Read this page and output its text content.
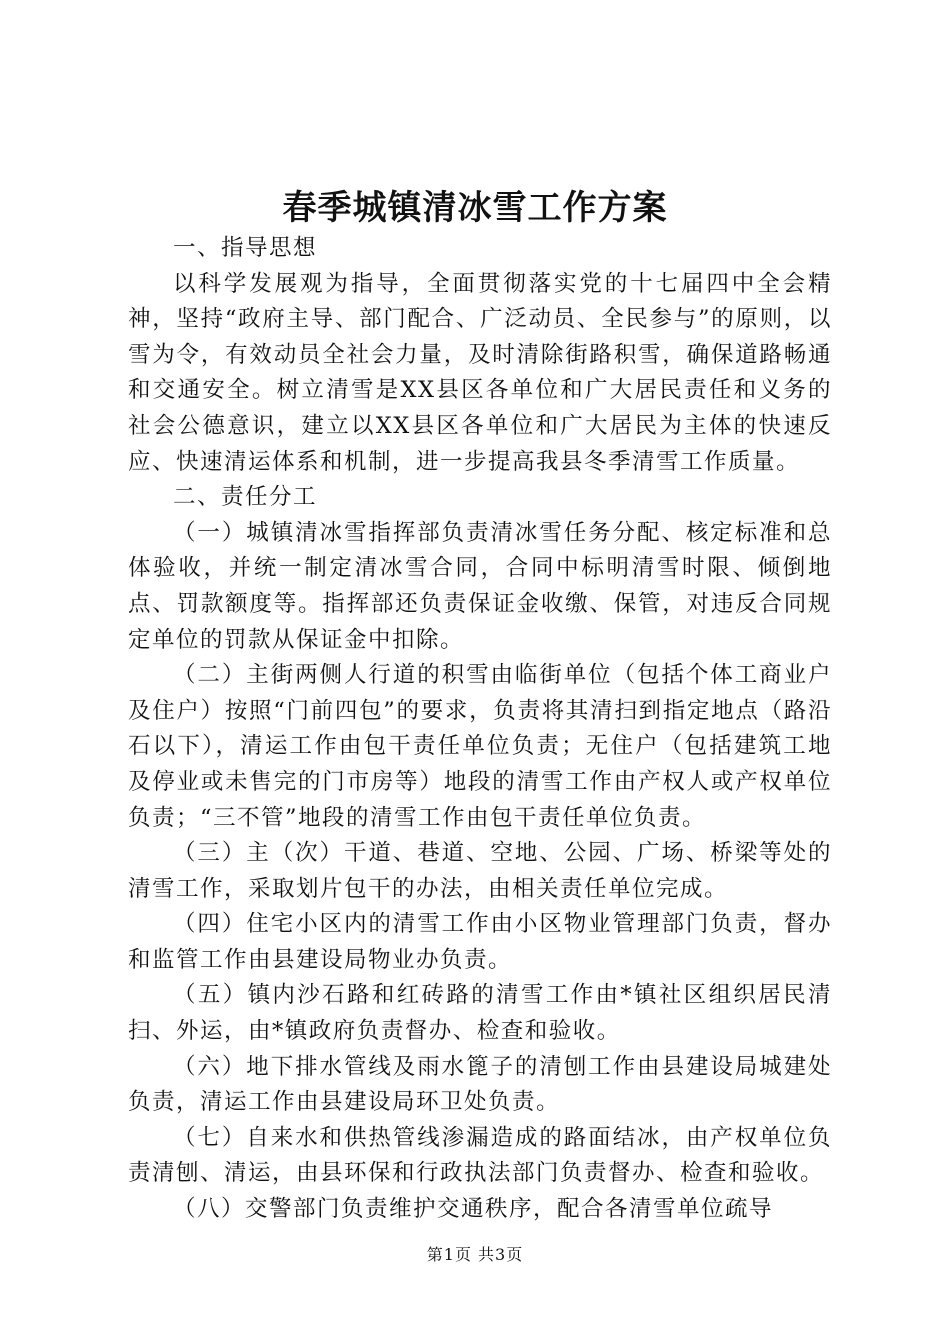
春季城镇清冰雪工作方案

一、指导思想

以科学发展观为指导，全面贯彻落实党的十七届四中全会精神，坚持“政府主导、部门配合、广泛动员、全民参与”的原则，以雪为令，有效动员全社会力量，及时清除街路积雪，确保道路畅通和交通安全。树立清雪是XX县区各单位和广大居民责任和义务的社会公德意识，建立以XX县区各单位和广大居民为主体的快速反应、快速清运体系和机制，进一步提高我县冬季清雪工作质量。

二、责任分工

（一）城镇清冰雪指挥部负责清冰雪任务分配、核定标准和总体验收，并统一制定清冰雪合同，合同中标明清雪时限、倾倒地点、罚款额度等。指挥部还负责保证金收缴、保管，对违反合同规定单位的罚款从保证金中扣除。

（二）主街两侧人行道的积雪由临街单位（包括个体工商业户及住户）按照“门前四包”的要求，负责将其清扫到指定地点（路沿石以下），清运工作由包干责任单位负责；无住户（包括建筑工地及停业或未售完的门市房等）地段的清雪工作由产权人或产权单位负责；“三不管”地段的清雪工作由包干责任单位负责。

（三）主（次）干道、巷道、空地、公园、广场、桥梁等处的清雪工作，采取划片包干的办法，由相关责任单位完成。

（四）住宅小区内的清雪工作由小区物业管理部门负责，督办和监管工作由县建设局物业办负责。

（五）镇内沙石路和红砖路的清雪工作由*镇社区组织居民清扫、外运，由*镇政府负责督办、检查和验收。

（六）地下排水管线及雨水篦子的清刨工作由县建设局城建处负责，清运工作由县建设局环卫处负责。

（七）自来水和供热管线渗漏造成的路面结冰，由产权单位负责清刨、清运，由县环保和行政执法部门负责督办、检查和验收。

（八）交警部门负责维护交通秩序，配合各清雪单位疏导

第1页 共3页
